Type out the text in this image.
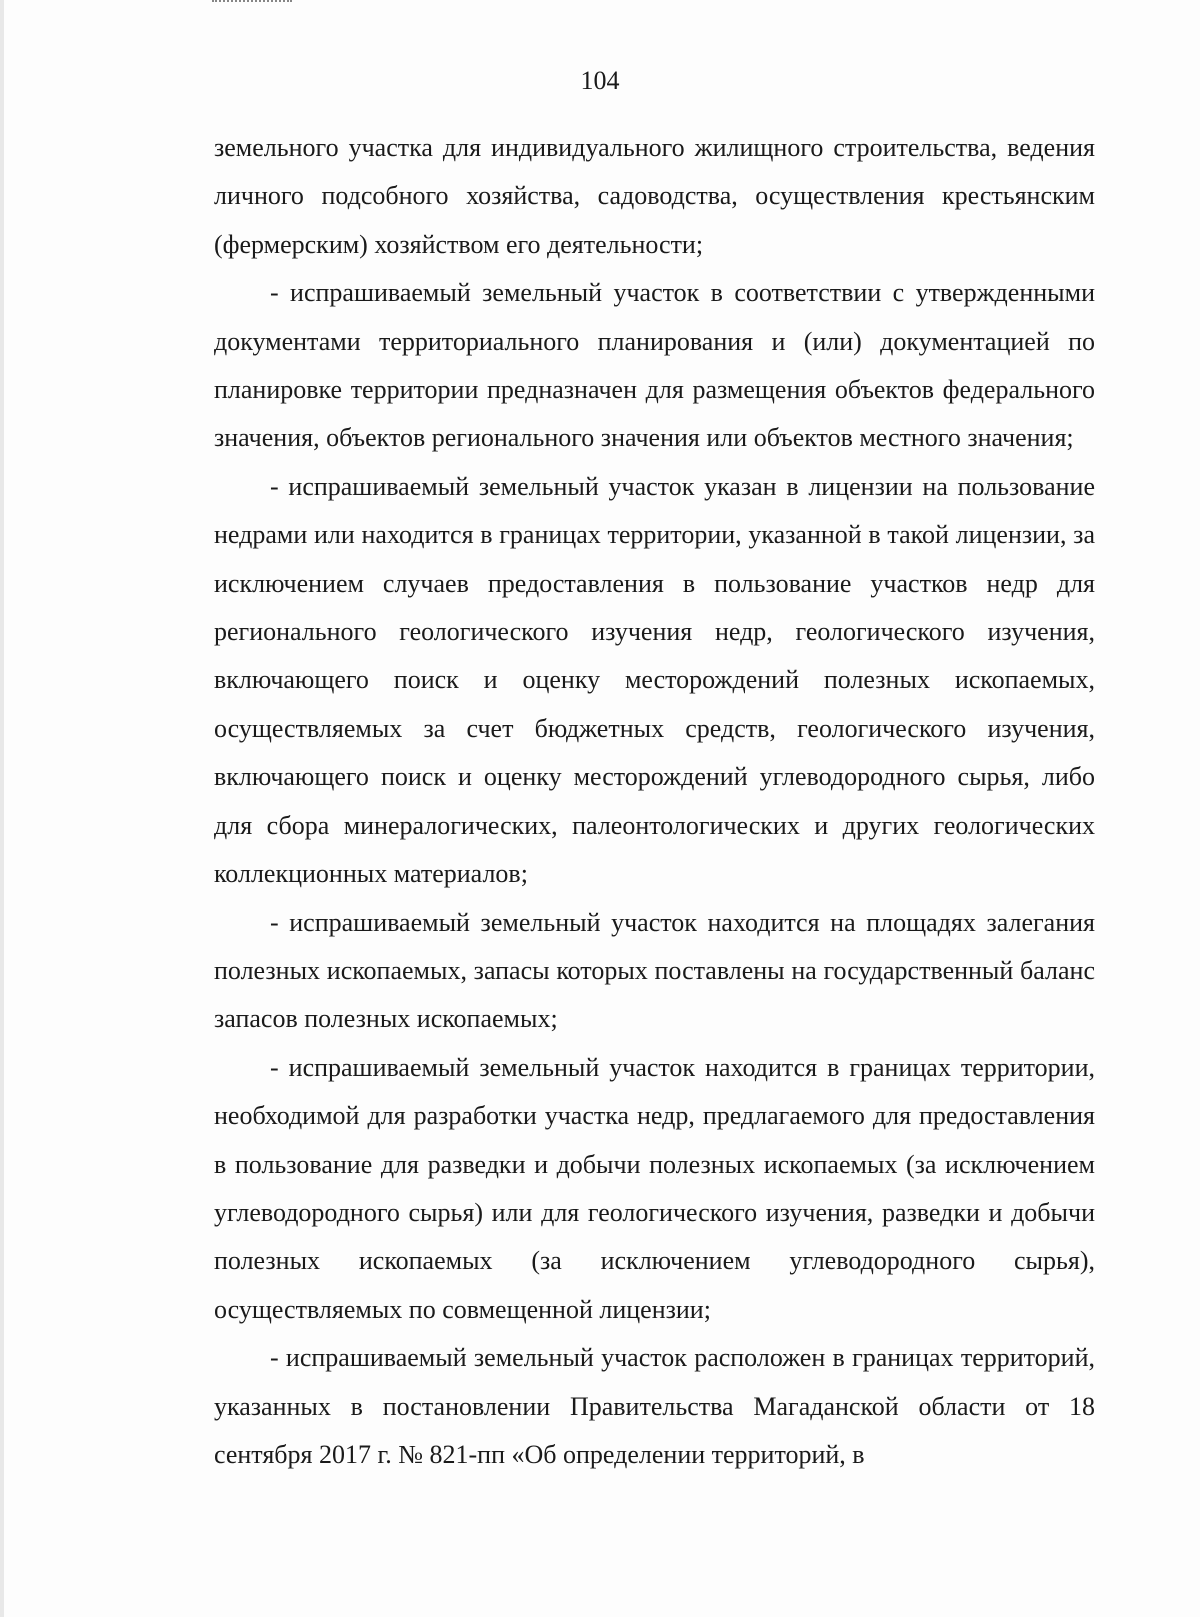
104

земельного участка для индивидуального жилищного строительства, ведения личного подсобного хозяйства, садоводства, осуществления крестьянским (фермерским) хозяйством его деятельности;

- испрашиваемый земельный участок в соответствии с утвержденными документами территориального планирования и (или) документацией по планировке территории предназначен для размещения объектов федерального значения, объектов регионального значения или объектов местного значения;

- испрашиваемый земельный участок указан в лицензии на пользование недрами или находится в границах территории, указанной в такой лицензии, за исключением случаев предоставления в пользование участков недр для регионального геологического изучения недр, геологического изучения, включающего поиск и оценку месторождений полезных ископаемых, осуществляемых за счет бюджетных средств, геологического изучения, включающего поиск и оценку месторождений углеводородного сырья, либо для сбора минералогических, палеонтологических и других геологических коллекционных материалов;

- испрашиваемый земельный участок находится на площадях залегания полезных ископаемых, запасы которых поставлены на государственный баланс запасов полезных ископаемых;

- испрашиваемый земельный участок находится в границах территории, необходимой для разработки участка недр, предлагаемого для предоставления в пользование для разведки и добычи полезных ископаемых (за исключением углеводородного сырья) или для геологического изучения, разведки и добычи полезных ископаемых (за исключением углеводородного сырья), осуществляемых по совмещенной лицензии;

- испрашиваемый земельный участок расположен в границах территорий, указанных в постановлении Правительства Магаданской области от 18 сентября 2017 г. № 821-пп «Об определении территорий, в
